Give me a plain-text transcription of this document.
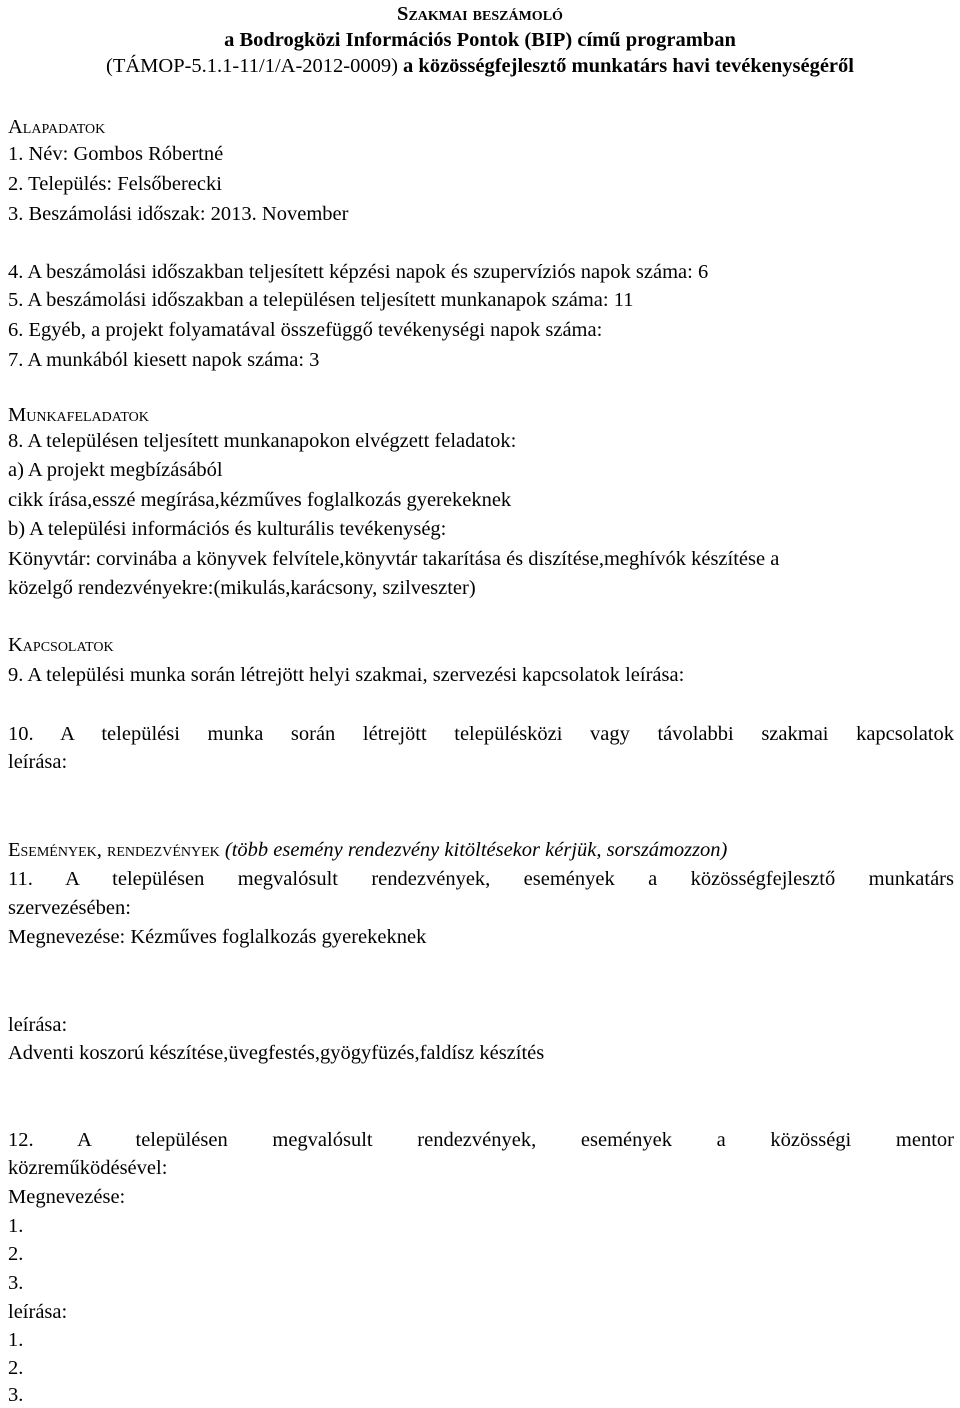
Szakmai beszámoló
a Bodrogközi Információs Pontok (BIP) című programban
(TÁMOP-5.1.1-11/1/A-2012-0009) a közösségfejlesztő munkatárs havi tevékenységéről
Alapadatok
1. Név: Gombos Róbertné
2. Település: Felsőberecki
3. Beszámolási időszak: 2013. November
4. A beszámolási időszakban teljesített képzési napok és szupervíziós napok száma: 6
5. A beszámolási időszakban a településen teljesített munkanapok száma: 11
6. Egyéb, a projekt folyamatával összefüggő tevékenységi napok száma:
7. A munkából kiesett napok száma: 3
Munkafeladatok
8. A településen teljesített munkanapokon elvégzett feladatok:
a) A projekt megbízásából
cikk írása,esszé megírása,kézműves foglalkozás gyerekeknek
b) A települési információs és kulturális tevékenység:
Könyvtár: corvinába a könyvek felvítele,könyvtár takarítása és diszítése,meghívók készítése a
közelgő rendezvényekre:(mikulás,karácsony, szilveszter)
Kapcsolatok
9. A települési munka során létrejött helyi szakmai, szervezési kapcsolatok leírása:
10. A települési munka során létrejött településközi vagy távolabbi szakmai kapcsolatok
leírása:
Események, rendezvények (több esemény rendezvény kitöltésekor kérjük, sorszámozzon)
11. A településen megvalósult rendezvények, események a közösségfejlesztő munkatárs
szervezésében:
Megnevezése: Kézműves foglalkozás gyerekeknek
leírása:
Adventi koszorú készítése,üvegfestés,gyögyfüzés,faldísz készítés
12. A településen megvalósult rendezvények, események a közösségi mentor
közreműködésével:
Megnevezése:
1.
2.
3.
leírása:
1.
2.
3.
